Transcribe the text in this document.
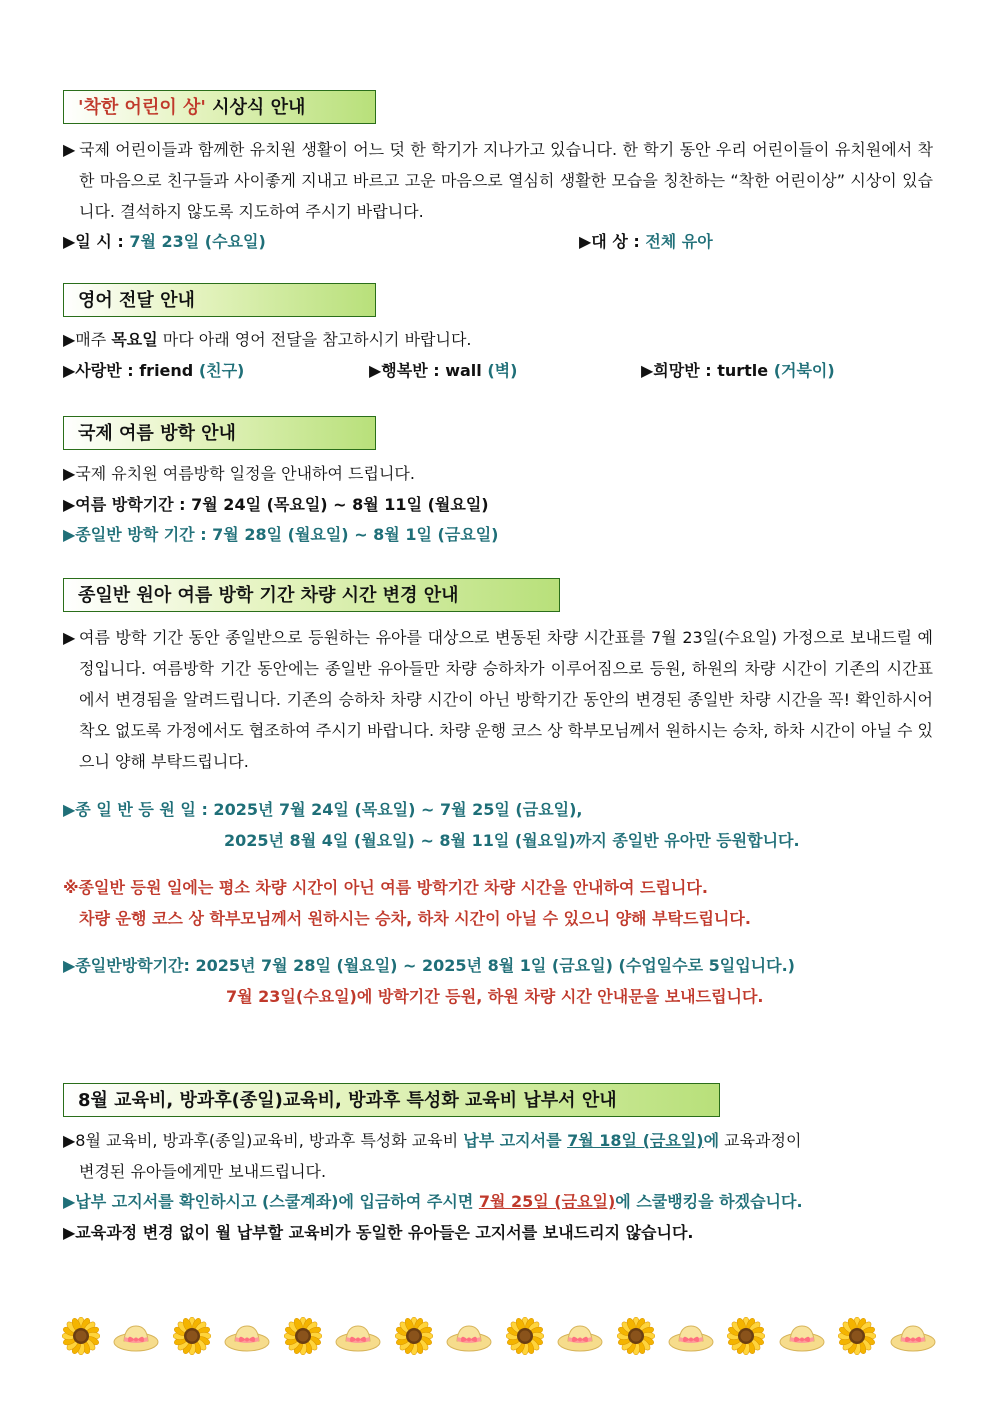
'착한 어린이 상' 시상식 안내
▶ 국제 어린이들과 함께한 유치원 생활이 어느 덧 한 학기가 지나가고 있습니다. 한 학기 동안 우리 어린이들이 유치원에서 착한 마음으로 친구들과 사이좋게 지내고 바르고 고운 마음으로 열심히 생활한 모습을 칭찬하는 “착한 어린이상” 시상이 있습니다. 결석하지 않도록 지도하여 주시기 바랍니다.
▶일 시 : 7월 23일 (수요일)	▶대 상 : 전체 유아
영어 전달 안내
▶매주 목요일 마다 아래 영어 전달을 참고하시기 바랍니다.
▶사랑반 : friend (친구)	▶행복반 : wall (벽)	▶희망반 : turtle (거북이)
국제 여름 방학 안내
▶국제 유치원 여름방학 일정을 안내하여 드립니다.
▶여름 방학기간 : 7월 24일 (목요일) ~ 8월 11일 (월요일)
▶종일반 방학 기간 : 7월 28일 (월요일) ~ 8월 1일 (금요일)
종일반 원아 여름 방학 기간 차량 시간 변경 안내
▶ 여름 방학 기간 동안 종일반으로 등원하는 유아를 대상으로 변동된 차량 시간표를 7월 23일(수요일) 가정으로 보내드릴 예정입니다. 여름방학 기간 동안에는 종일반 유아들만 차량 승하차가 이루어짐으로 등원, 하원의 차량 시간이 기존의 시간표에서 변경됨을 알려드립니다. 기존의 승하차 차량 시간이 아닌 방학기간 동안의 변경된 종일반 차량 시간을 꼭! 확인하시어 착오 없도록 가정에서도 협조하여 주시기 바랍니다. 차량 운행 코스 상 학부모님께서 원하시는 승차, 하차 시간이 아닐 수 있으니 양해 부탁드립니다.
▶종 일 반 등 원 일 : 2025년 7월 24일 (목요일) ~ 7월 25일 (금요일),
2025년 8월 4일 (월요일) ~ 8월 11일 (월요일)까지 종일반 유아만 등원합니다.
※종일반 등원 일에는 평소 차량 시간이 아닌 여름 방학기간 차량 시간을 안내하여 드립니다.
차량 운행 코스 상 학부모님께서 원하시는 승차, 하차 시간이 아닐 수 있으니 양해 부탁드립니다.
▶종일반방학기간: 2025년 7월 28일 (월요일) ~ 2025년 8월 1일 (금요일) (수업일수로 5일입니다.)
7월 23일(수요일)에 방학기간 등원, 하원 차량 시간 안내문을 보내드립니다.
8월 교육비, 방과후(종일)교육비, 방과후 특성화 교육비 납부서 안내
▶8월 교육비, 방과후(종일)교육비, 방과후 특성화 교육비 납부 고지서를 7월 18일 (금요일)에 교육과정이
변경된 유아들에게만 보내드립니다.
▶납부 고지서를 확인하시고 (스쿨계좌)에 입금하여 주시면 7월 25일 (금요일)에 스쿨뱅킹을 하겠습니다.
▶교육과정 변경 없이 월 납부할 교육비가 동일한 유아들은 고지서를 보내드리지 않습니다.
